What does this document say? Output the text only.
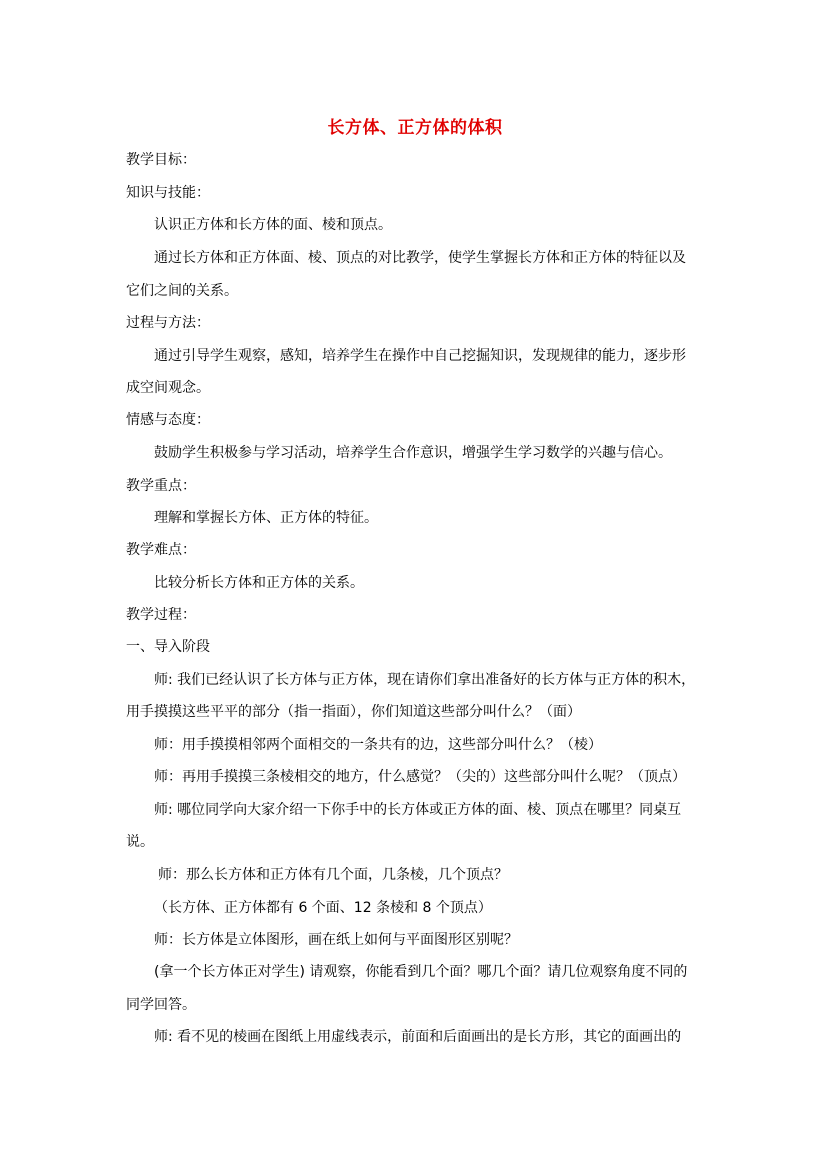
长方体、正方体的体积
教学目标：
知识与技能：
认识正方体和长方体的面、棱和顶点。
通过长方体和正方体面、棱、顶点的对比教学，使学生掌握长方体和正方体的特征以及
它们之间的关系。
过程与方法：
通过引导学生观察，感知，培养学生在操作中自己挖掘知识，发现规律的能力，逐步形
成空间观念。
情感与态度：
鼓励学生积极参与学习活动，培养学生合作意识，增强学生学习数学的兴趣与信心。
教学重点：
理解和掌握长方体、正方体的特征。
教学难点：
比较分析长方体和正方体的关系。
教学过程：
一、导入阶段
师: 我们已经认识了长方体与正方体，现在请你们拿出准备好的长方体与正方体的积木，
用手摸摸这些平平的部分（指一指面），你们知道这些部分叫什么？（面）
师：用手摸摸相邻两个面相交的一条共有的边，这些部分叫什么？（棱）
师：再用手摸摸三条棱相交的地方，什么感觉？（尖的）这些部分叫什么呢？（顶点）
师: 哪位同学向大家介绍一下你手中的长方体或正方体的面、棱、顶点在哪里？同桌互
说。
师：那么长方体和正方体有几个面，几条棱，几个顶点？
（长方体、正方体都有 6 个面、12 条棱和 8 个顶点）
师：长方体是立体图形，画在纸上如何与平面图形区别呢？
(拿一个长方体正对学生) 请观察，你能看到几个面？哪几个面？请几位观察角度不同的
同学回答。
师: 看不见的棱画在图纸上用虚线表示，前面和后面画出的是长方形，其它的面画出的
